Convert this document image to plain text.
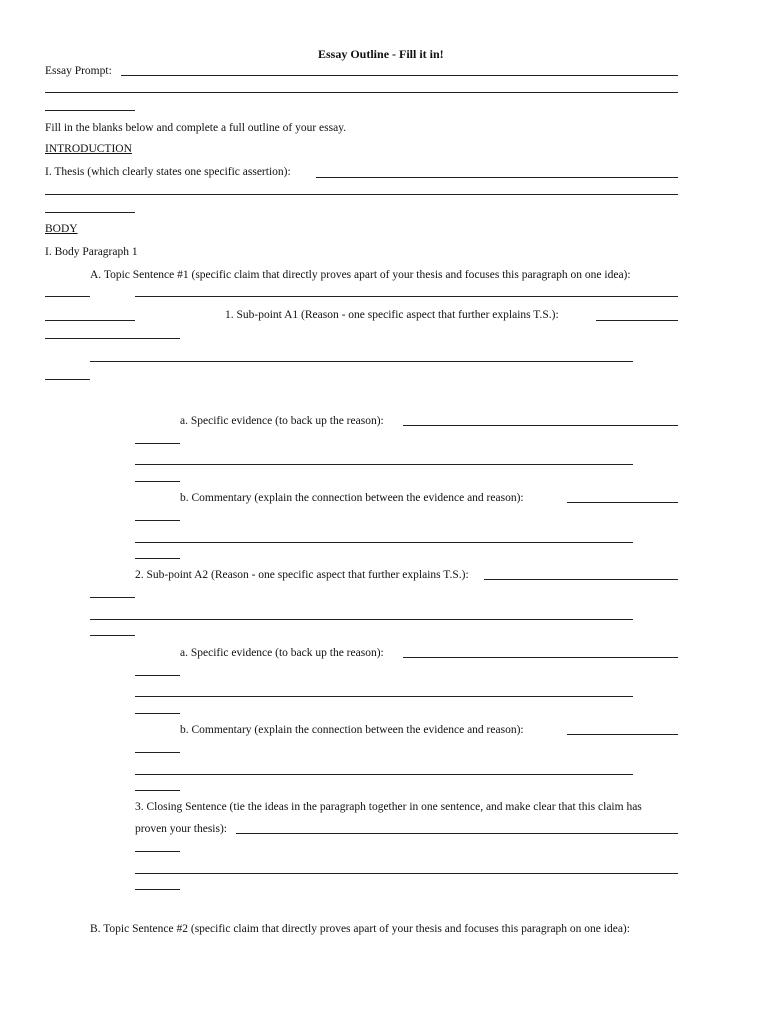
Essay Outline - Fill it in!
Essay Prompt:
Fill in the blanks below and complete a full outline of your essay.
INTRODUCTION
I. Thesis (which clearly states one specific assertion):
BODY
I. Body Paragraph 1
A. Topic Sentence #1 (specific claim that directly proves apart of your thesis and focuses this paragraph on one idea):
1. Sub-point A1 (Reason - one specific aspect that further explains T.S.):
a. Specific evidence (to back up the reason):
b. Commentary (explain the connection between the evidence and reason):
2. Sub-point A2 (Reason - one specific aspect that further explains T.S.):
a. Specific evidence (to back up the reason):
b. Commentary (explain the connection between the evidence and reason):
3. Closing Sentence (tie the ideas in the paragraph together in one sentence, and make clear that this claim has
proven your thesis):
B. Topic Sentence #2 (specific claim that directly proves apart of your thesis and focuses this paragraph on one idea):
